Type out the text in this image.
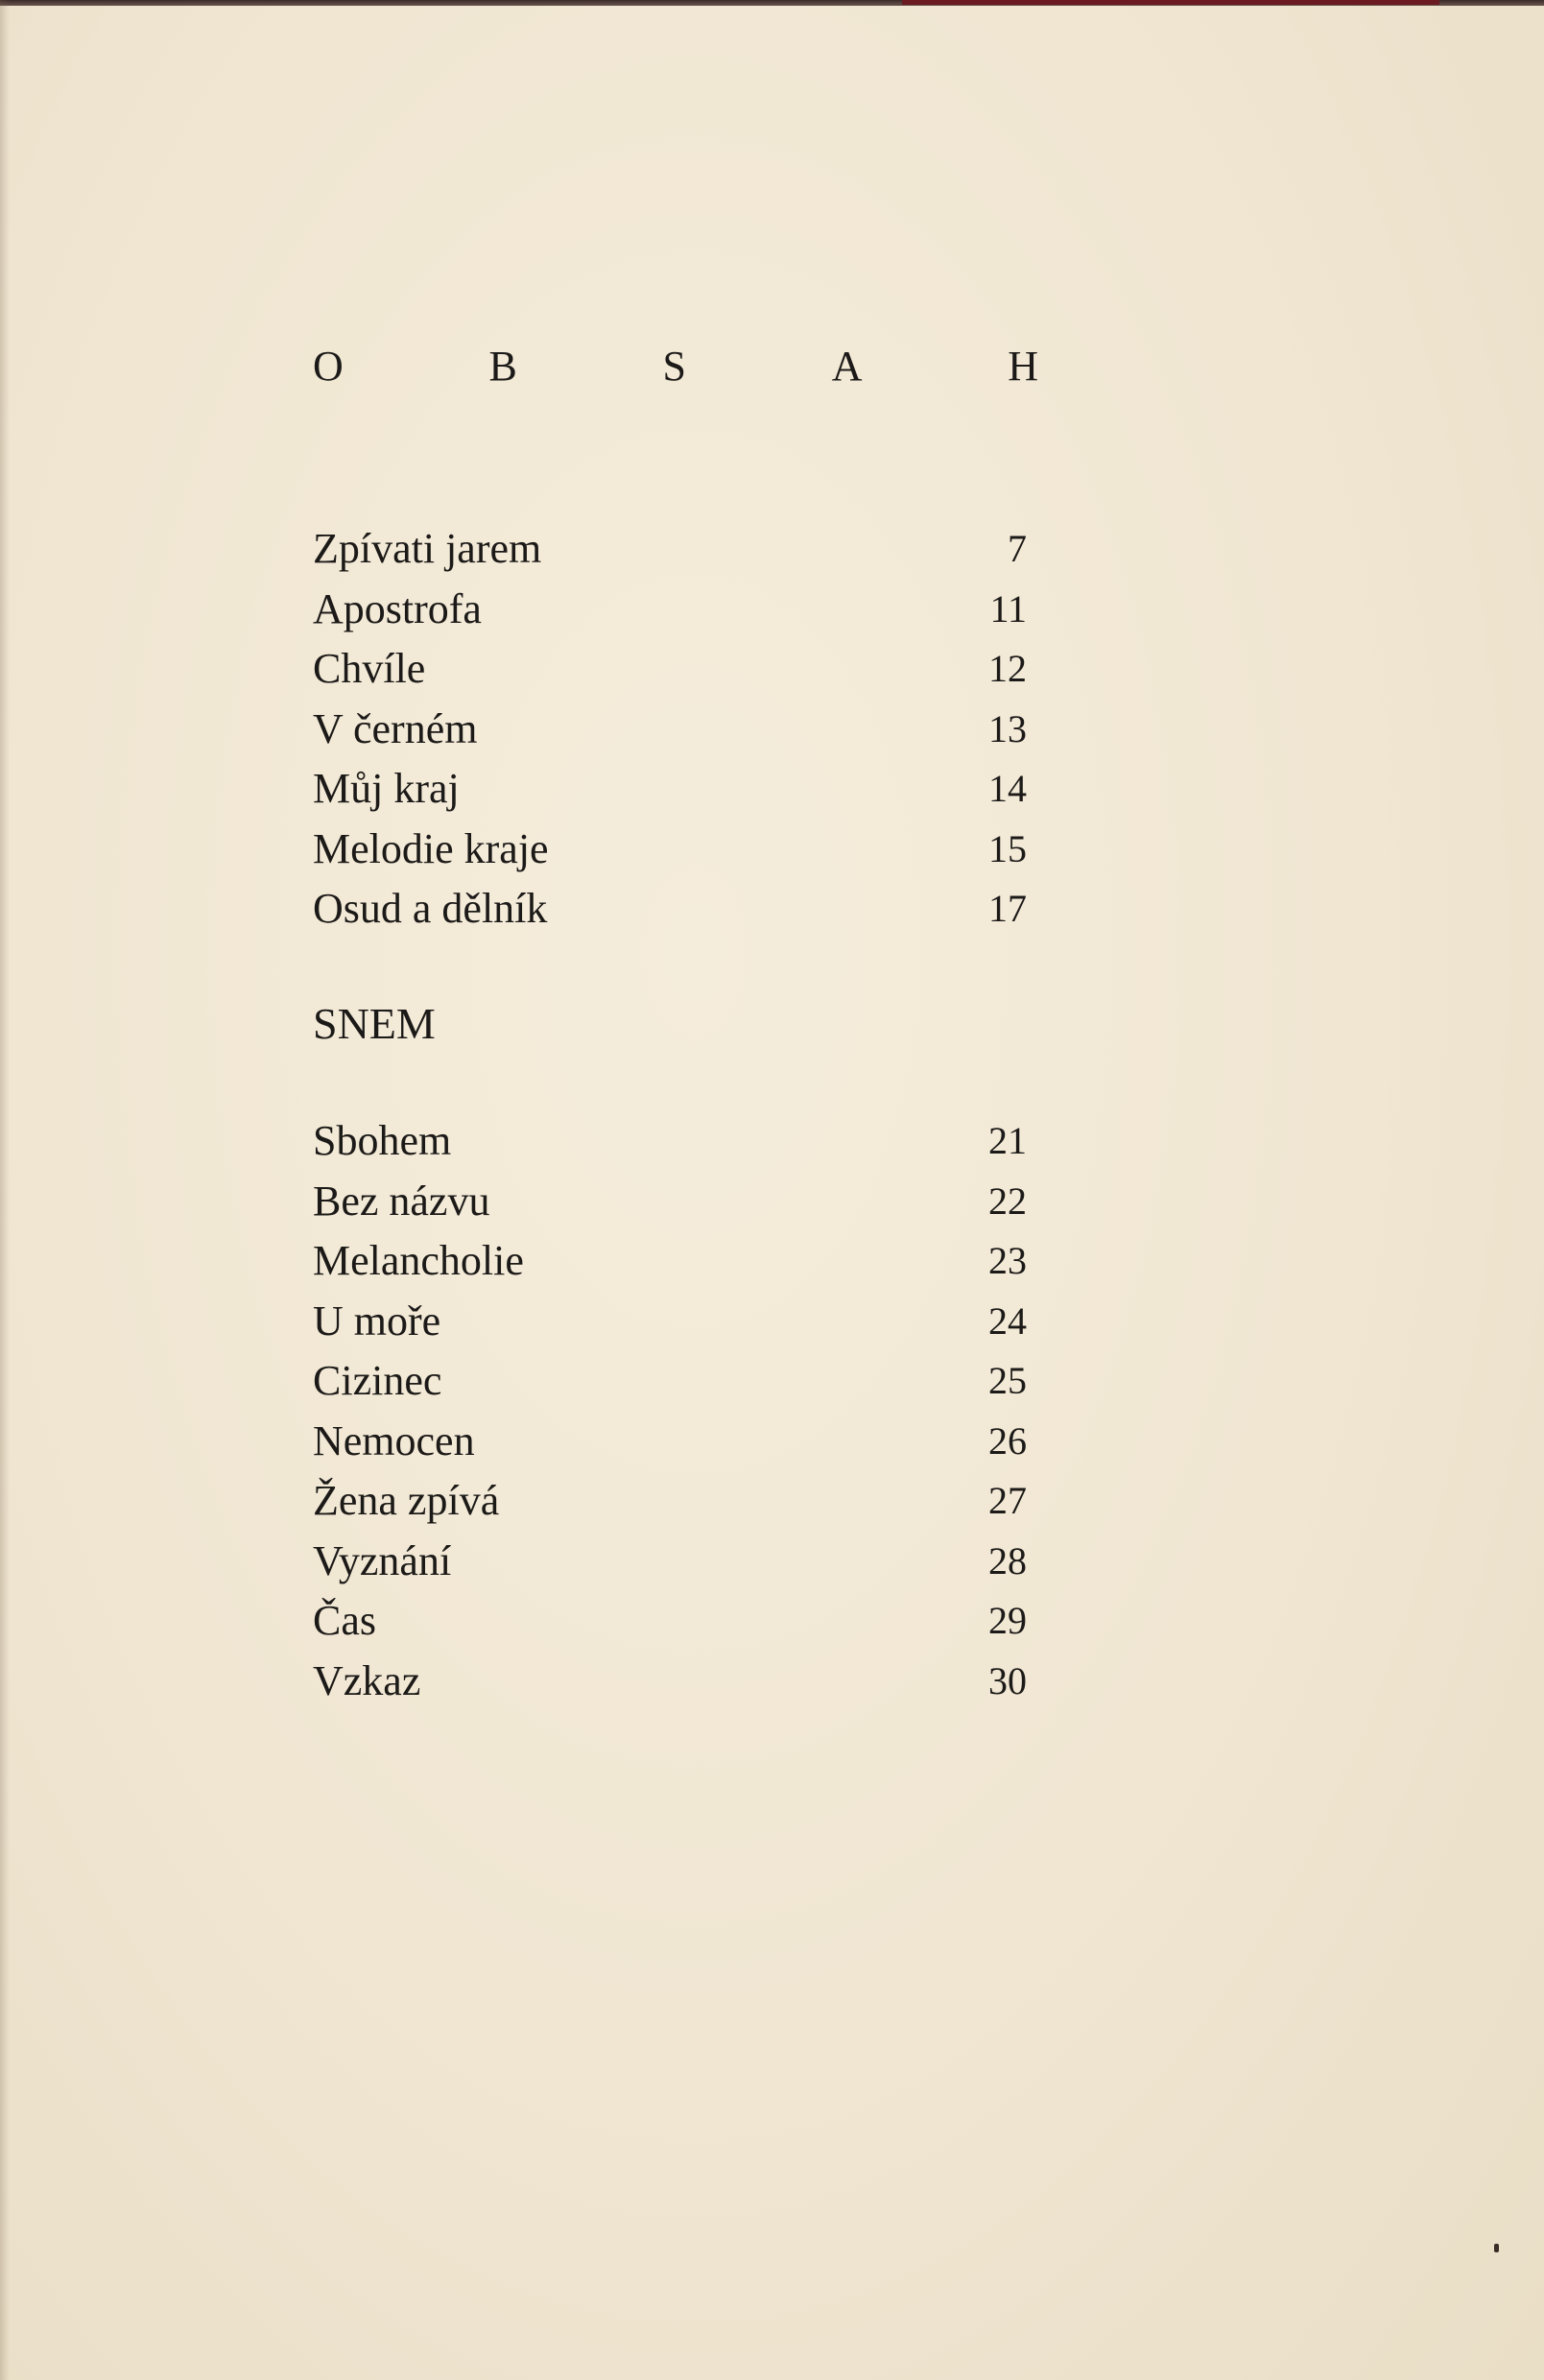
O	B	S	A	H
Zpívati jarem	7
Apostrofa	11
Chvíle	12
V černém	13
Můj kraj	14
Melodie kraje	15
Osud a dělník	17
SNEM
Sbohem	21
Bez názvu	22
Melancholie	23
U moře	24
Cizinec	25
Nemocen	26
Žena zpívá	27
Vyznání	28
Čas	29
Vzkaz	30
